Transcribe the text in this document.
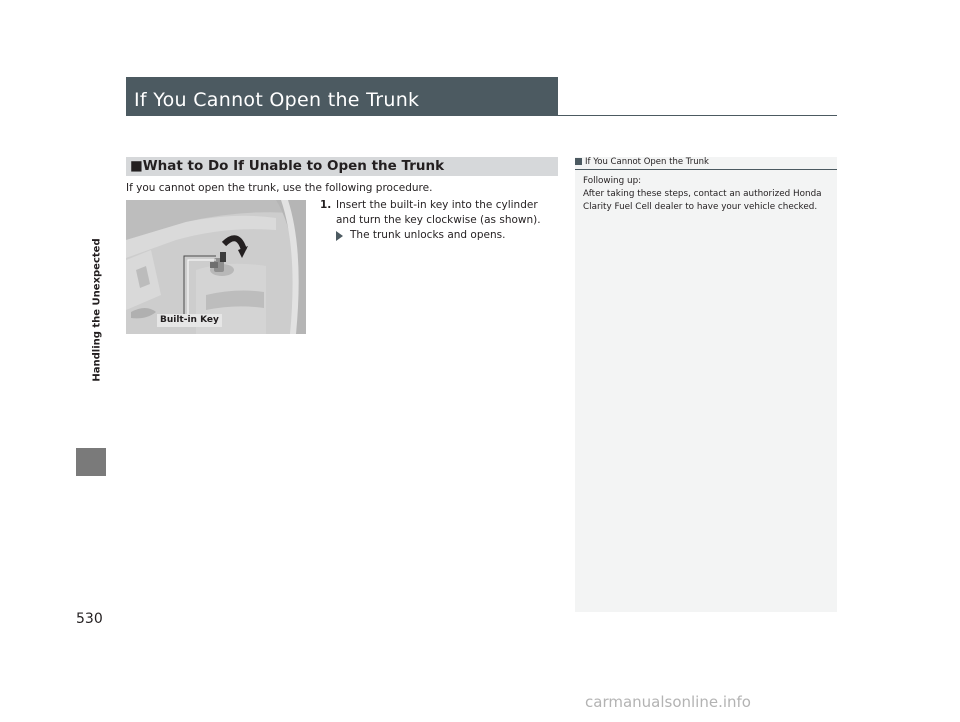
Handling the Unexpected
530
If You Cannot Open the Trunk
■What to Do If Unable to Open the Trunk
If you cannot open the trunk, use the following procedure.
Built-in Key
1. Insert the built-in key into the cylinder and turn the key clockwise (as shown).
The trunk unlocks and opens.
If You Cannot Open the Trunk
Following up:
After taking these steps, contact an authorized Honda Clarity Fuel Cell dealer to have your vehicle checked.
carmanualsonline.info
